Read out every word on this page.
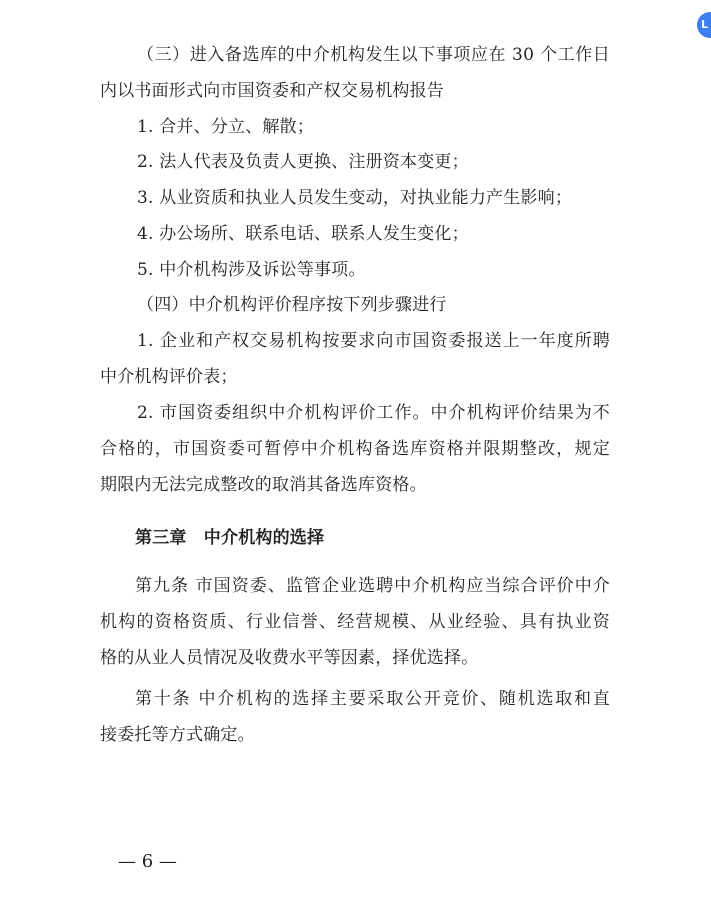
L
（三）进入备选库的中介机构发生以下事项应在 30 个工作日
内以书面形式向市国资委和产权交易机构报告
1. 合并、分立、解散；
2. 法人代表及负责人更换、注册资本变更；
3. 从业资质和执业人员发生变动，对执业能力产生影响；
4. 办公场所、联系电话、联系人发生变化；
5. 中介机构涉及诉讼等事项。
（四）中介机构评价程序按下列步骤进行
1. 企业和产权交易机构按要求向市国资委报送上一年度所聘
中介机构评价表；
2. 市国资委组织中介机构评价工作。中介机构评价结果为不
合格的，市国资委可暂停中介机构备选库资格并限期整改，规定
期限内无法完成整改的取消其备选库资格。
第三章　中介机构的选择
第九条 市国资委、监管企业选聘中介机构应当综合评价中介
机构的资格资质、行业信誉、经营规模、从业经验、具有执业资
格的从业人员情况及收费水平等因素，择优选择。
第十条 中介机构的选择主要采取公开竞价、随机选取和直
接委托等方式确定。
— 6 —
